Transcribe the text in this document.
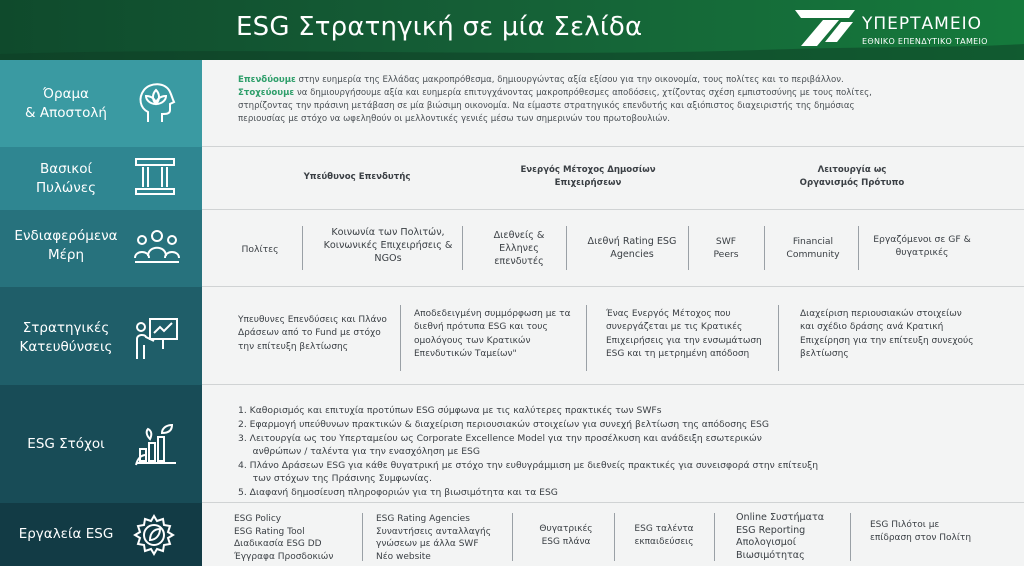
ESG Στρατηγική σε μία Σελίδα	ΥΠΕΡΤΑΜΕΙΟ
ΕΘΝΙΚΟ ΕΠΕΝΔΥΤΙΚΟ ΤΑΜΕΙΟ
Όραμα
& Αποστολή
Επενδύουμε στην ευημερία της Ελλάδας μακροπρόθεσμα, δημιουργώντας αξία εξίσου για την οικονομία, τους πολίτες και το περιβάλλον.
Στοχεύουμε να δημιουργήσουμε αξία και ευημερία επιτυγχάνοντας μακροπρόθεσμες αποδόσεις, χτίζοντας σχέση εμπιστοσύνης με τους πολίτες,
στηρίζοντας την πράσινη μετάβαση σε μία βιώσιμη οικονομία. Να είμαστε στρατηγικός επενδυτής και αξιόπιστος διαχειριστής της δημόσιας
περιουσίας με στόχο να ωφεληθούν οι μελλοντικές γενιές μέσω των σημερινών του πρωτοβουλιών.
Βασικοί
Πυλώνες
Υπεύθυνος Επενδυτής
Ενεργός Μέτοχος Δημοσίων Επιχειρήσεων
Λειτουργία ως Οργανισμός Πρότυπο
Ενδιαφερόμενα
Μέρη	Πολίτες
Κοινωνία των Πολιτών, Κοινωνικές Επιχειρήσεις & NGOs
Διεθνείς & Ελληνες επενδυτές
Διεθνή Rating ESG Agencies
SWF Peers
Financial Community
Εργαζόμενοι σε GF & θυγατρικές
Στρατηγικές
Κατευθύνσεις
Υπευθυνες Επενδύσεις και Πλάνο Δράσεων από το Fund με στόχο την επίτευξη βελτίωσης
Αποδεδειγμένη συμμόρφωση με τα διεθνή πρότυπα ESG και τους ομολόγους των Κρατικών Επενδυτικών Ταμείων"
Ένας Ενεργός Μέτοχος που συνεργάζεται με τις Κρατικές Επιχειρήσεις για την ενσωμάτωση ESG και τη μετρημένη απόδοση
Διαχείριση περιουσιακών στοιχείων και σχέδιο δράσης ανά Κρατική Επιχείρηση για την επίτευξη συνεχούς βελτίωσης
ESG Στόχοι
1. Καθορισμός και επιτυχία προτύπων ESG σύμφωνα με τις καλύτερες πρακτικές των SWFs
2. Εφαρμογή υπεύθυνων πρακτικών & διαχείριση περιουσιακών στοιχείων για συνεχή βελτίωση της απόδοσης ESG
3. Λειτουργία ως του Υπερταμείου ως Corporate Excellence Model για την προσέλκυση και ανάδειξη εσωτερικών
ανθρώπων / ταλέντα για την ενασχόληση με ESG
4. Πλάνο Δράσεων ESG για κάθε θυγατρική με στόχο την ευθυγράμμιση με διεθνείς πρακτικές για συνεισφορά στην επίτευξη
των στόχων της Πράσινης Συμφωνίας.
5. Διαφανή δημοσίευση πληροφοριών για τη βιωσιμότητα και τα ESG
Εργαλεία ESG
ESG Policy
ESG Rating Tool
Διαδικασία ESG DD
Έγγραφα Προσδοκιών
ESG Rating Agencies
Συναντήσεις ανταλλαγής
γνώσεων με άλλα SWF
Νέο website
Θυγατρικές
ESG πλάνα
ESG ταλέντα
εκπαιδεύσεις
Online Συστήματα
ESG Reporting
Απολογισμοί
Βιωσιμότητας
ESG Πιλότοι με
επίδραση στον Πολίτη
